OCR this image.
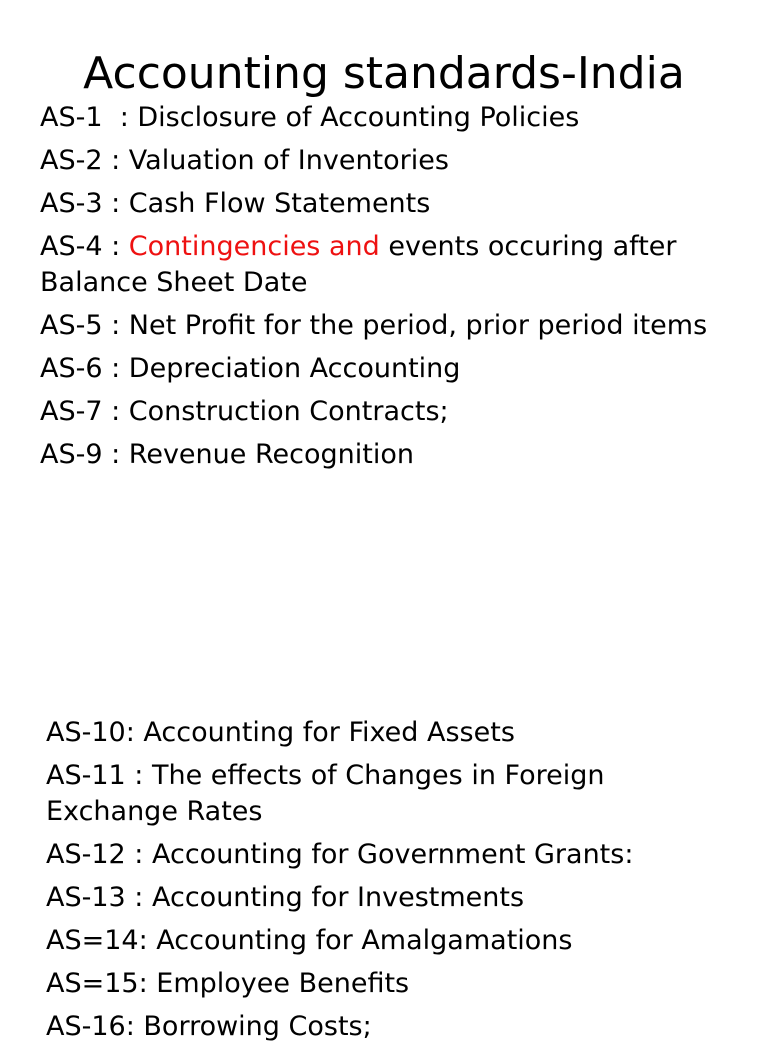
Accounting standards-India
AS-1  : Disclosure of Accounting Policies
AS-2 : Valuation of Inventories
AS-3 : Cash Flow Statements
AS-4 : Contingencies and events occuring after Balance Sheet Date
AS-5 : Net Profit for the period, prior period items
AS-6 : Depreciation Accounting
AS-7 : Construction Contracts;
AS-9 : Revenue Recognition
AS-10: Accounting for Fixed Assets
AS-11 : The effects of Changes in Foreign Exchange Rates
AS-12 : Accounting for Government Grants:
AS-13 : Accounting for Investments
AS=14: Accounting for Amalgamations
AS=15: Employee Benefits
AS-16: Borrowing Costs;
